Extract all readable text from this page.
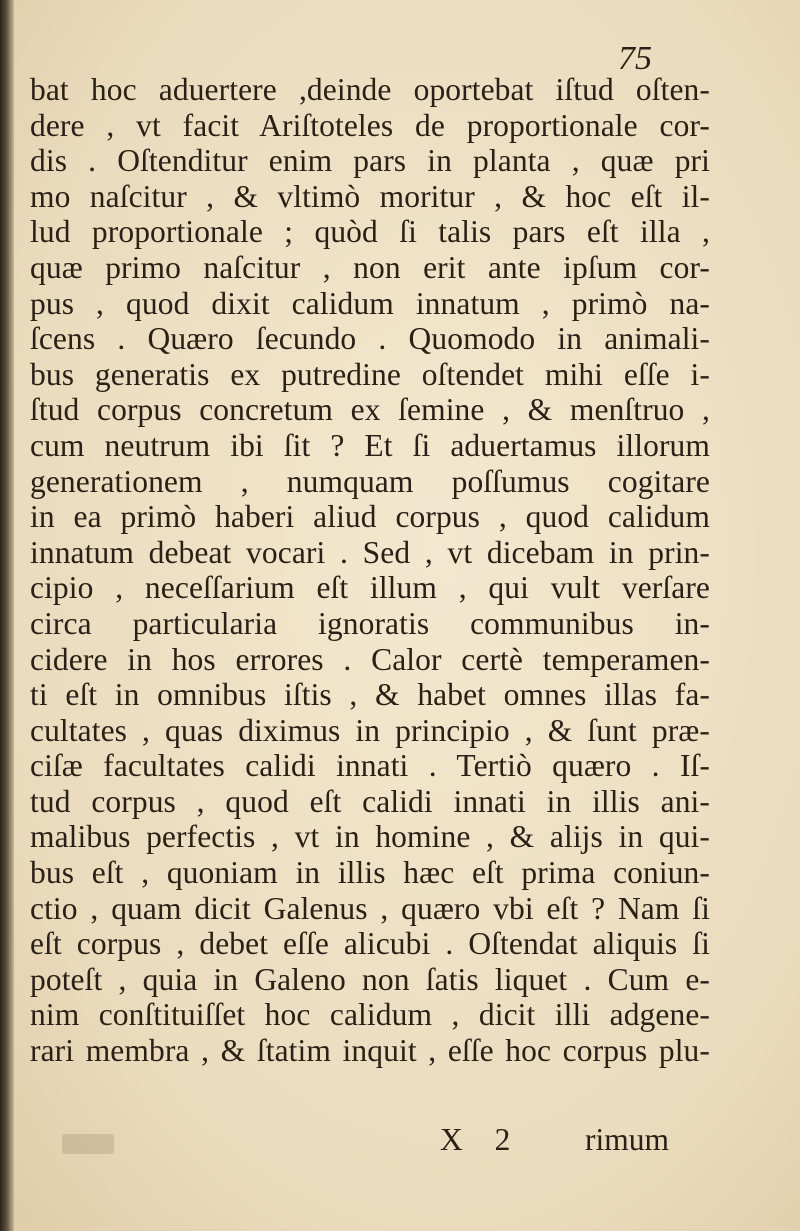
75
bat hoc aduertere ,deinde oportebat iſtud oſten-
dere , vt facit Ariſtoteles de proportionale cor-
dis . Oſtenditur enim pars in planta , quæ pri
mo naſcitur , & vltimò moritur , & hoc eſt il-
lud proportionale ; quòd ſi talis pars eſt illa ,
quæ primo naſcitur , non erit ante ipſum cor-
pus , quod dixit calidum innatum , primò na-
ſcens . Quæro ſecundo . Quomodo in animali-
bus generatis ex putredine oſtendet mihi eſſe i-
ſtud corpus concretum ex ſemine , & menſtruo ,
cum neutrum ibi ſit ? Et ſi aduertamus illorum
generationem , numquam poſſumus cogitare
in ea primò haberi aliud corpus , quod calidum
innatum debeat vocari . Sed , vt dicebam in prin-
cipio , neceſſarium eſt illum , qui vult verſare
circa particularia ignoratis communibus in-
cidere in hos errores . Calor certè temperamen-
ti eſt in omnibus iſtis , & habet omnes illas fa-
cultates , quas diximus in principio , & ſunt præ-
ciſæ facultates calidi innati . Tertiò quæro . Iſ-
tud corpus , quod eſt calidi innati in illis ani-
malibus perfectis , vt in homine , & alijs in qui-
bus eſt , quoniam in illis hæc eſt prima coniun-
ctio , quam dicit Galenus , quæro vbi eſt ? Nam ſi
eſt corpus , debet eſſe alicubi . Oſtendat aliquis ſi
poteſt , quia in Galeno non ſatis liquet . Cum e-
nim conſtituiſſet hoc calidum , dicit illi adgene-
rari membra , & ſtatim inquit , eſſe hoc corpus plu-
X 2 rimum
